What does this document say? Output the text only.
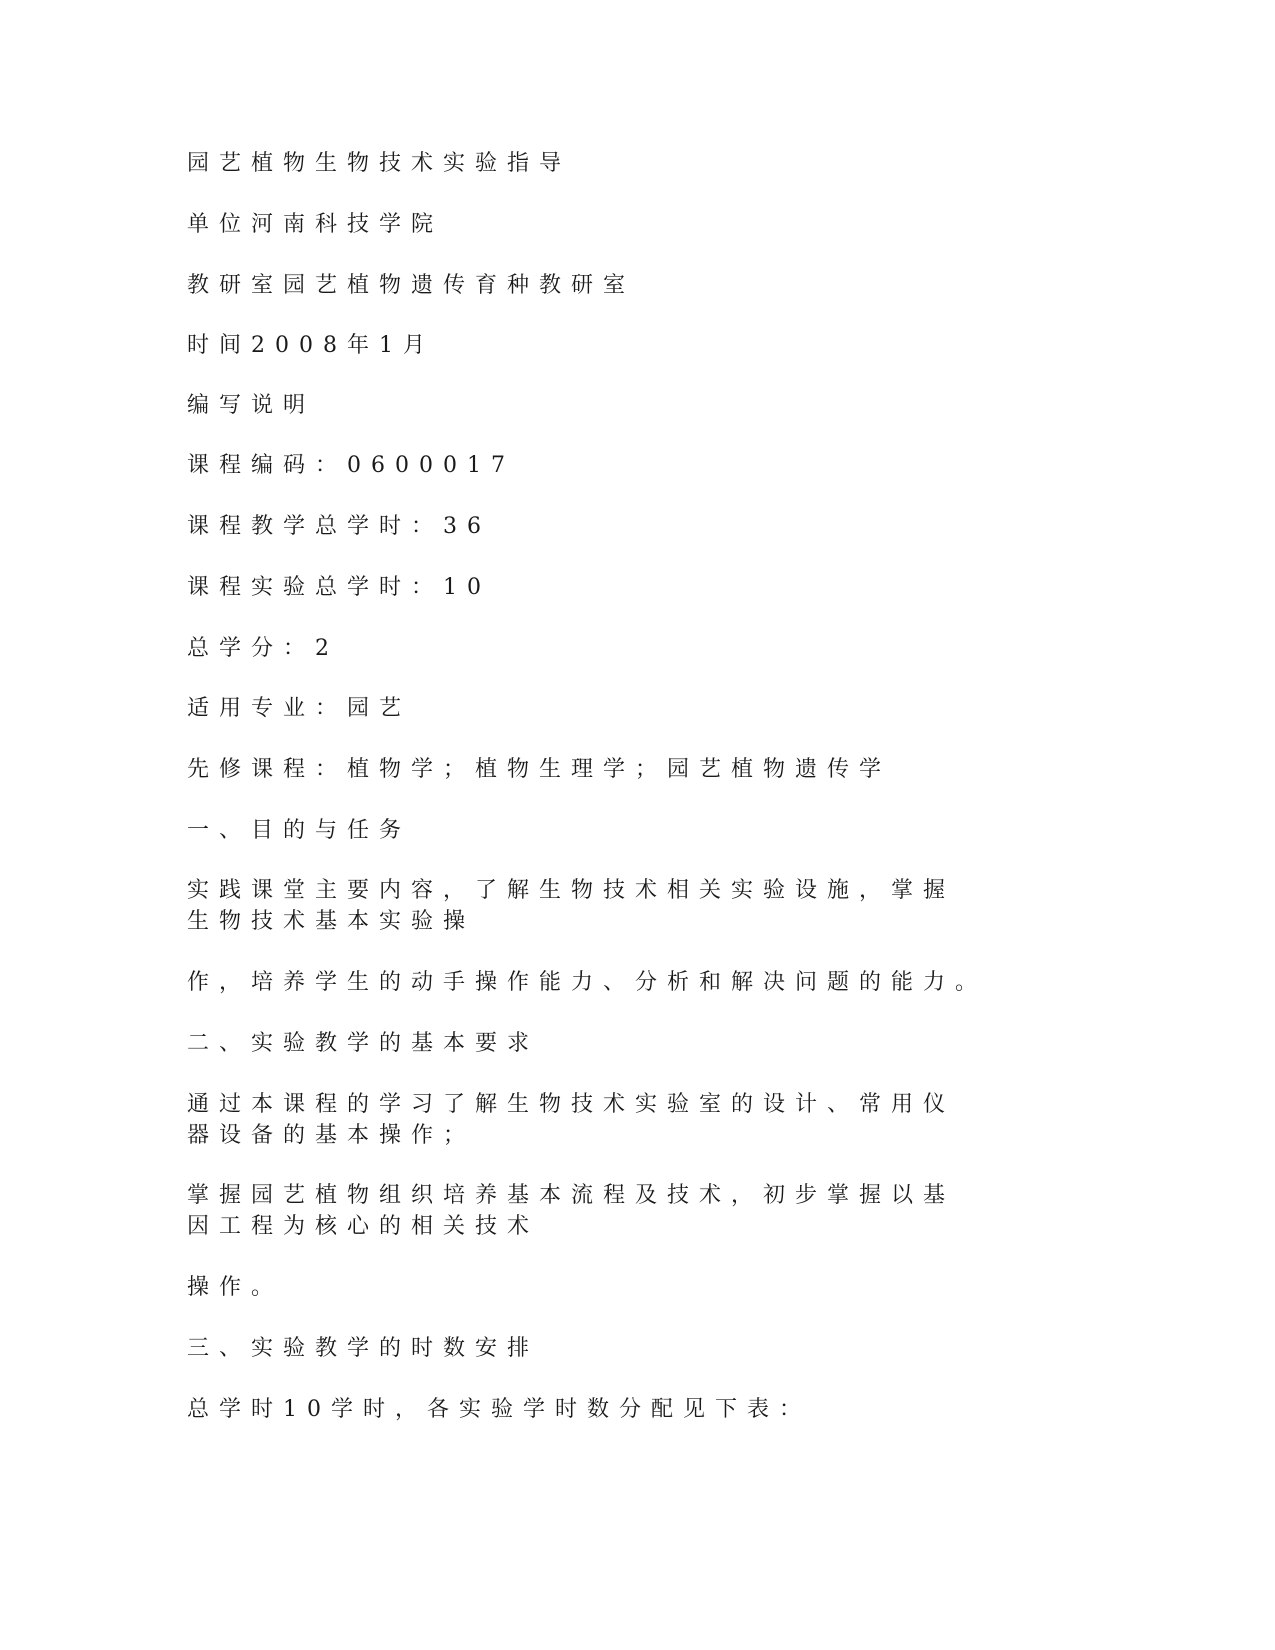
园艺植物生物技术实验指导

单位河南科技学院

教研室园艺植物遗传育种教研室

时间2008年1月

编写说明

课程编码：0600017

课程教学总学时：36

课程实验总学时：10

总学分：2

适用专业：园艺

先修课程：植物学；植物生理学；园艺植物遗传学

一、目的与任务

实践课堂主要内容，了解生物技术相关实验设施，掌握

生物技术基本实验操

作，培养学生的动手操作能力、分析和解决问题的能力。

二、实验教学的基本要求

通过本课程的学习了解生物技术实验室的设计、常用仪

器设备的基本操作；

掌握园艺植物组织培养基本流程及技术，初步掌握以基

因工程为核心的相关技术

操作。

三、实验教学的时数安排

总学时10学时，各实验学时数分配见下表：
